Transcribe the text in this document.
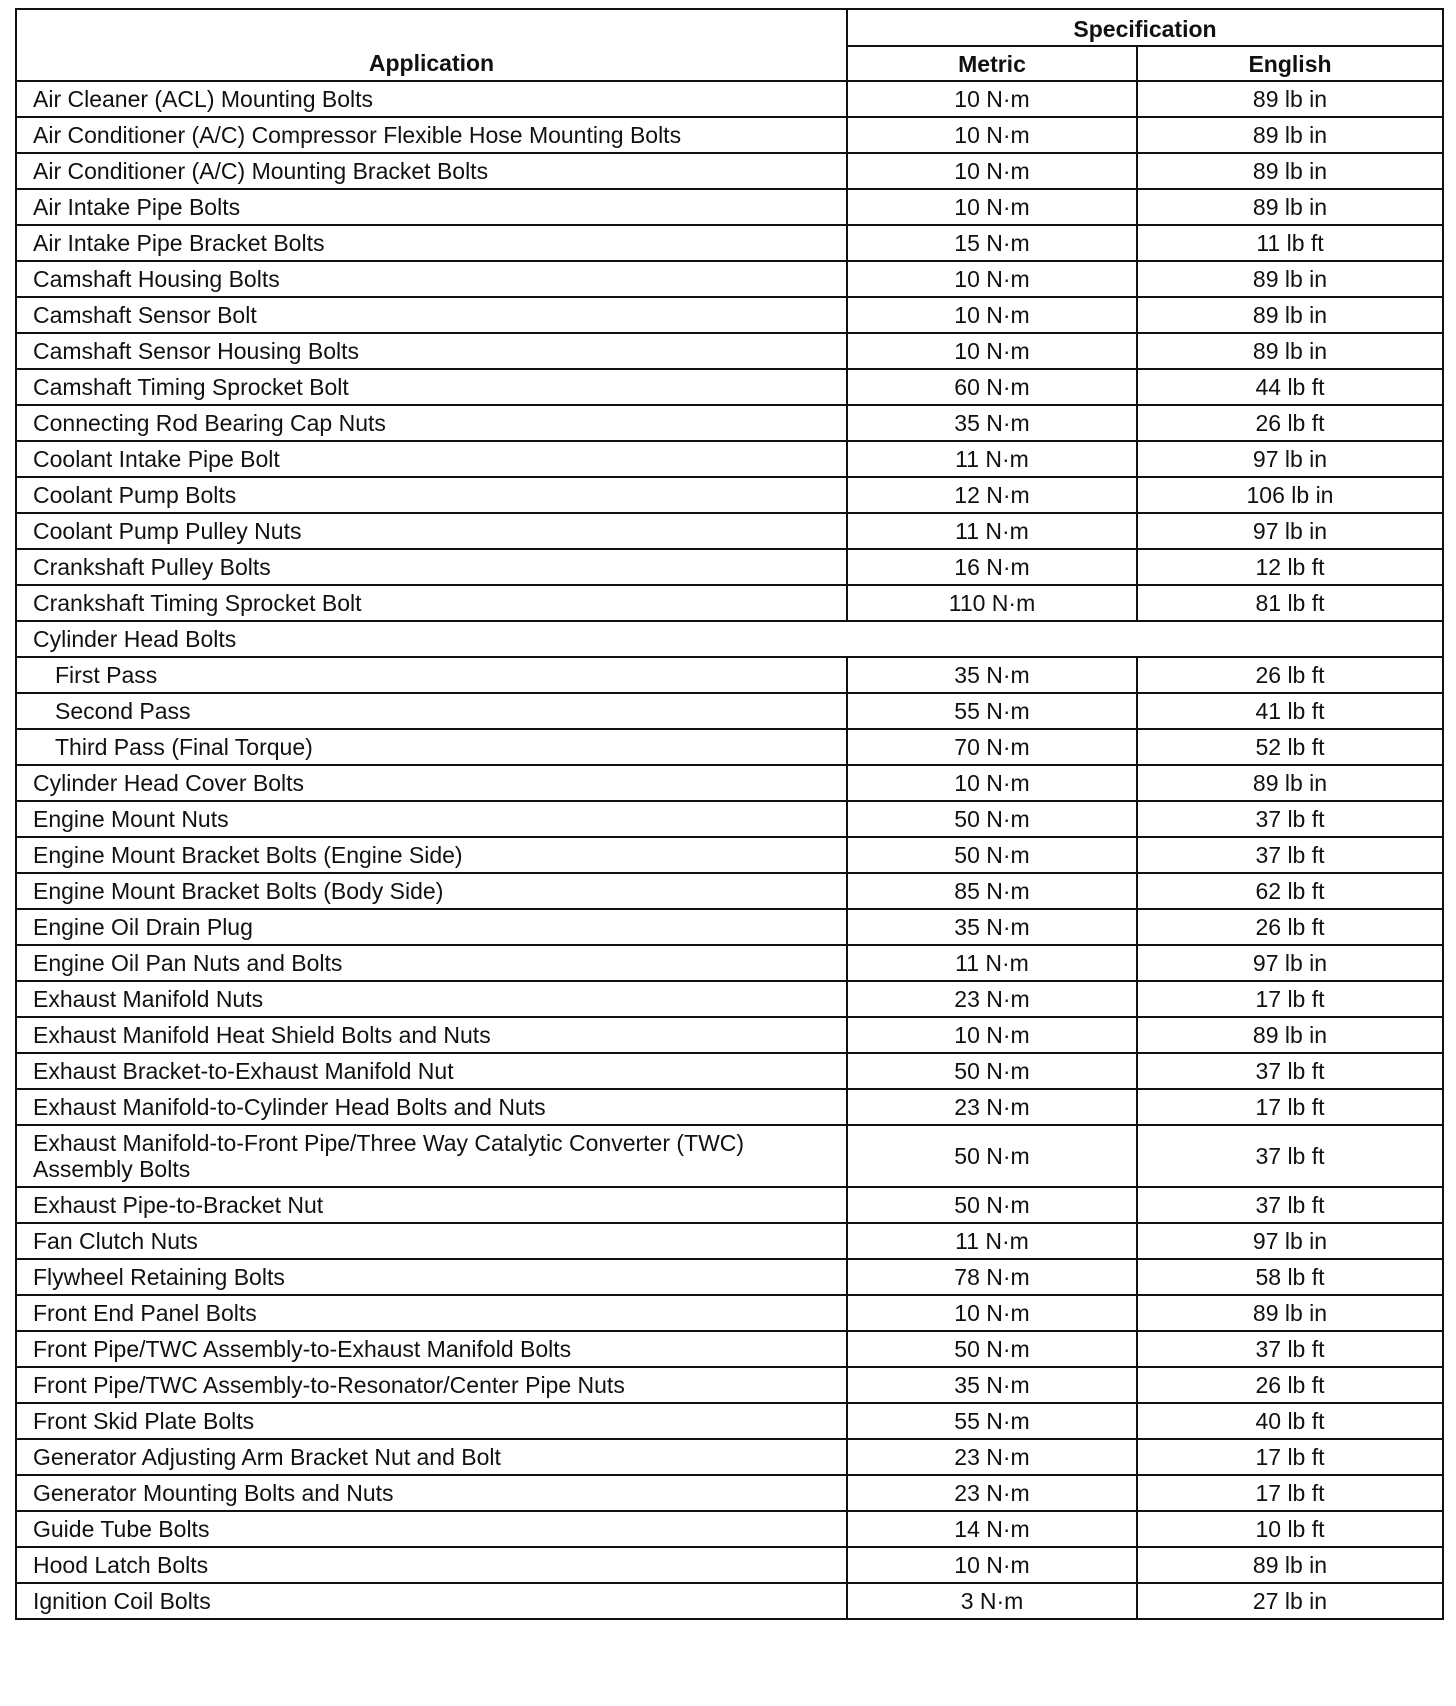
Application	Specification	
	Metric	English
Air Cleaner (ACL) Mounting Bolts	10 N·m	89 lb in
Air Conditioner (A/C) Compressor Flexible Hose Mounting Bolts	10 N·m	89 lb in
Air Conditioner (A/C) Mounting Bracket Bolts	10 N·m	89 lb in
Air Intake Pipe Bolts	10 N·m	89 lb in
Air Intake Pipe Bracket Bolts	15 N·m	11 lb ft
Camshaft Housing Bolts	10 N·m	89 lb in
Camshaft Sensor Bolt	10 N·m	89 lb in
Camshaft Sensor Housing Bolts	10 N·m	89 lb in
Camshaft Timing Sprocket Bolt	60 N·m	44 lb ft
Connecting Rod Bearing Cap Nuts	35 N·m	26 lb ft
Coolant Intake Pipe Bolt	11 N·m	97 lb in
Coolant Pump Bolts	12 N·m	106 lb in
Coolant Pump Pulley Nuts	11 N·m	97 lb in
Crankshaft Pulley Bolts	16 N·m	12 lb ft
Crankshaft Timing Sprocket Bolt	110 N·m	81 lb ft
Cylinder Head Bolts		
First Pass	35 N·m	26 lb ft
Second Pass	55 N·m	41 lb ft
Third Pass (Final Torque)	70 N·m	52 lb ft
Cylinder Head Cover Bolts	10 N·m	89 lb in
Engine Mount Nuts	50 N·m	37 lb ft
Engine Mount Bracket Bolts (Engine Side)	50 N·m	37 lb ft
Engine Mount Bracket Bolts (Body Side)	85 N·m	62 lb ft
Engine Oil Drain Plug	35 N·m	26 lb ft
Engine Oil Pan Nuts and Bolts	11 N·m	97 lb in
Exhaust Manifold Nuts	23 N·m	17 lb ft
Exhaust Manifold Heat Shield Bolts and Nuts	10 N·m	89 lb in
Exhaust Bracket-to-Exhaust Manifold Nut	50 N·m	37 lb ft
Exhaust Manifold-to-Cylinder Head Bolts and Nuts	23 N·m	17 lb ft
Exhaust Manifold-to-Front Pipe/Three Way Catalytic Converter (TWC) Assembly Bolts	50 N·m	37 lb ft
Exhaust Pipe-to-Bracket Nut	50 N·m	37 lb ft
Fan Clutch Nuts	11 N·m	97 lb in
Flywheel Retaining Bolts	78 N·m	58 lb ft
Front End Panel Bolts	10 N·m	89 lb in
Front Pipe/TWC Assembly-to-Exhaust Manifold Bolts	50 N·m	37 lb ft
Front Pipe/TWC Assembly-to-Resonator/Center Pipe Nuts	35 N·m	26 lb ft
Front Skid Plate Bolts	55 N·m	40 lb ft
Generator Adjusting Arm Bracket Nut and Bolt	23 N·m	17 lb ft
Generator Mounting Bolts and Nuts	23 N·m	17 lb ft
Guide Tube Bolts	14 N·m	10 lb ft
Hood Latch Bolts	10 N·m	89 lb in
Ignition Coil Bolts	3 N·m	27 lb in
